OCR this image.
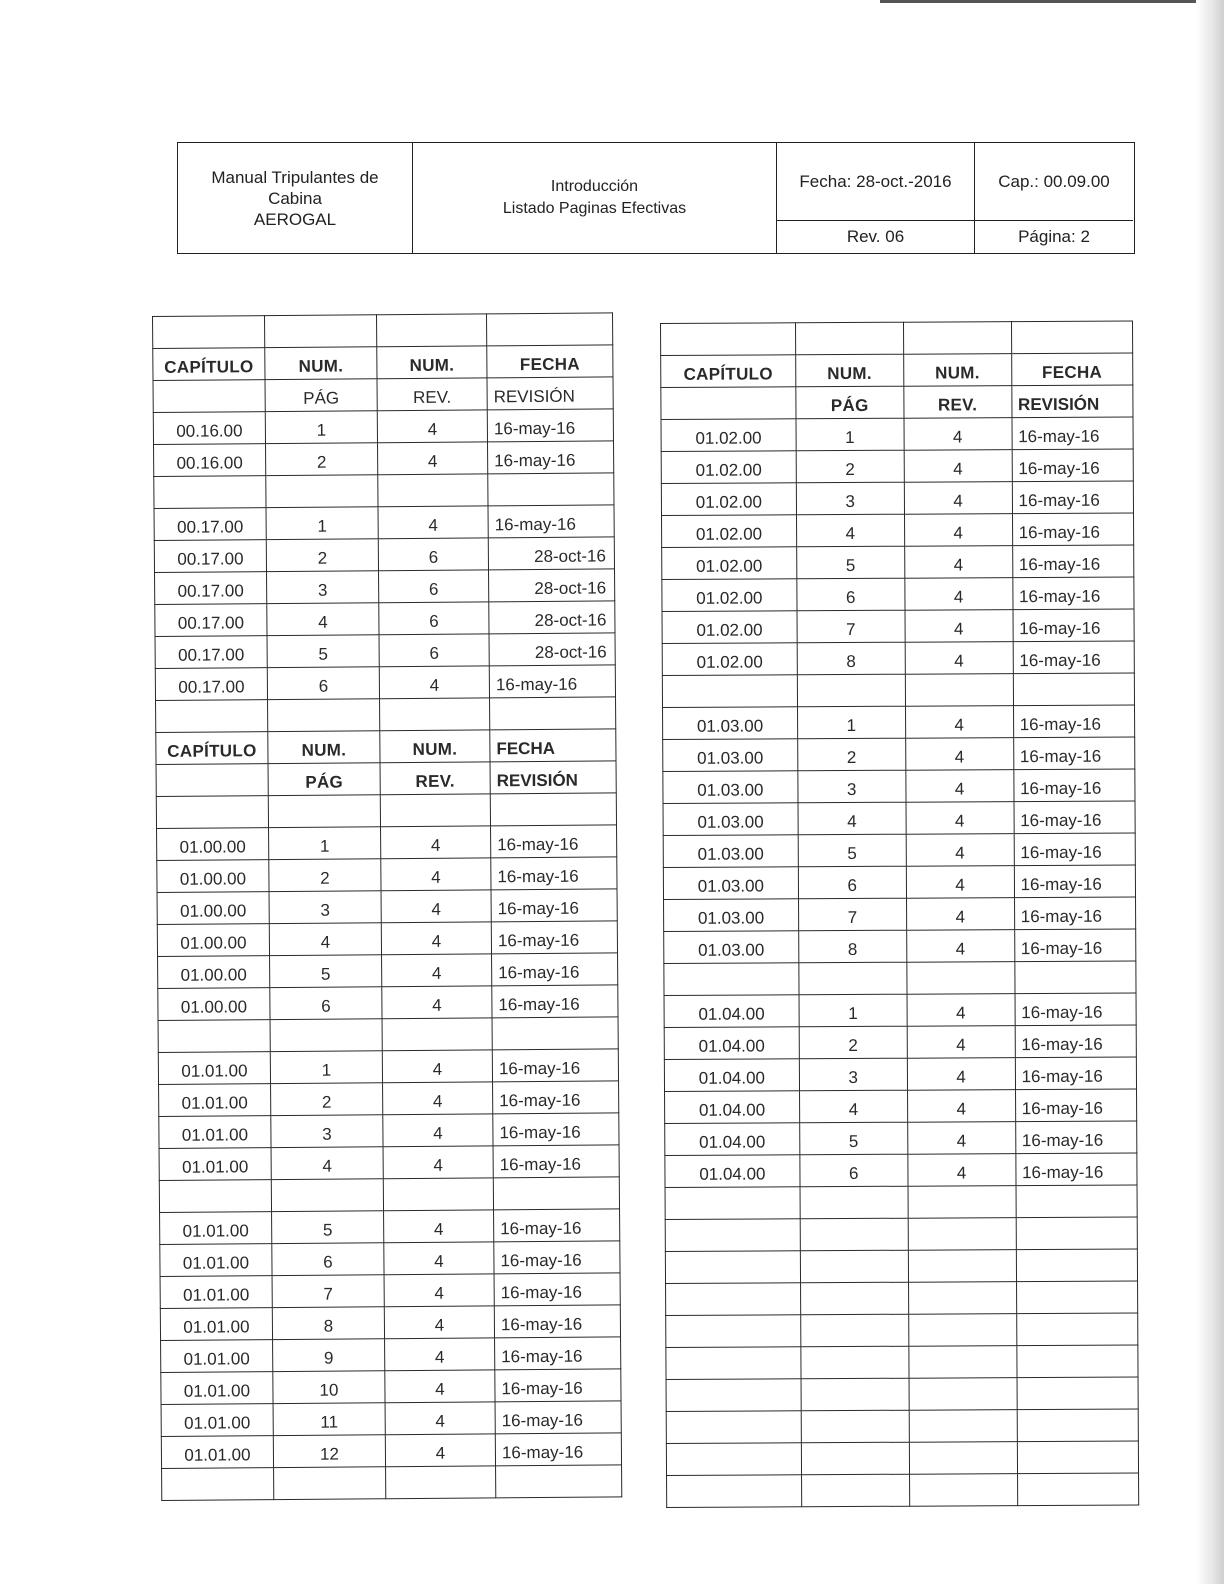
Manual Tripulantes de
Cabina
AEROGAL
Introducción
Listado Paginas Efectivas
Fecha: 28-oct.-2016	Cap.: 00.09.00
Rev. 06	Página: 2

CAPÍTULO	NUM.	NUM.	FECHA
	PÁG	REV.	REVISIÓN
00.16.00	1	4	16-may-16
00.16.00	2	4	16-may-16

00.17.00	1	4	16-may-16
00.17.00	2	6	28-oct-16
00.17.00	3	6	28-oct-16
00.17.00	4	6	28-oct-16
00.17.00	5	6	28-oct-16
00.17.00	6	4	16-may-16

CAPÍTULO	NUM.	NUM.	FECHA
	PÁG	REV.	REVISIÓN

01.00.00	1	4	16-may-16
01.00.00	2	4	16-may-16
01.00.00	3	4	16-may-16
01.00.00	4	4	16-may-16
01.00.00	5	4	16-may-16
01.00.00	6	4	16-may-16

01.01.00	1	4	16-may-16
01.01.00	2	4	16-may-16
01.01.00	3	4	16-may-16
01.01.00	4	4	16-may-16

01.01.00	5	4	16-may-16
01.01.00	6	4	16-may-16
01.01.00	7	4	16-may-16
01.01.00	8	4	16-may-16
01.01.00	9	4	16-may-16
01.01.00	10	4	16-may-16
01.01.00	11	4	16-may-16
01.01.00	12	4	16-may-16

CAPÍTULO	NUM.	NUM.	FECHA
	PÁG	REV.	REVISIÓN
01.02.00	1	4	16-may-16
01.02.00	2	4	16-may-16
01.02.00	3	4	16-may-16
01.02.00	4	4	16-may-16
01.02.00	5	4	16-may-16
01.02.00	6	4	16-may-16
01.02.00	7	4	16-may-16
01.02.00	8	4	16-may-16

01.03.00	1	4	16-may-16
01.03.00	2	4	16-may-16
01.03.00	3	4	16-may-16
01.03.00	4	4	16-may-16
01.03.00	5	4	16-may-16
01.03.00	6	4	16-may-16
01.03.00	7	4	16-may-16
01.03.00	8	4	16-may-16

01.04.00	1	4	16-may-16
01.04.00	2	4	16-may-16
01.04.00	3	4	16-may-16
01.04.00	4	4	16-may-16
01.04.00	5	4	16-may-16
01.04.00	6	4	16-may-16
